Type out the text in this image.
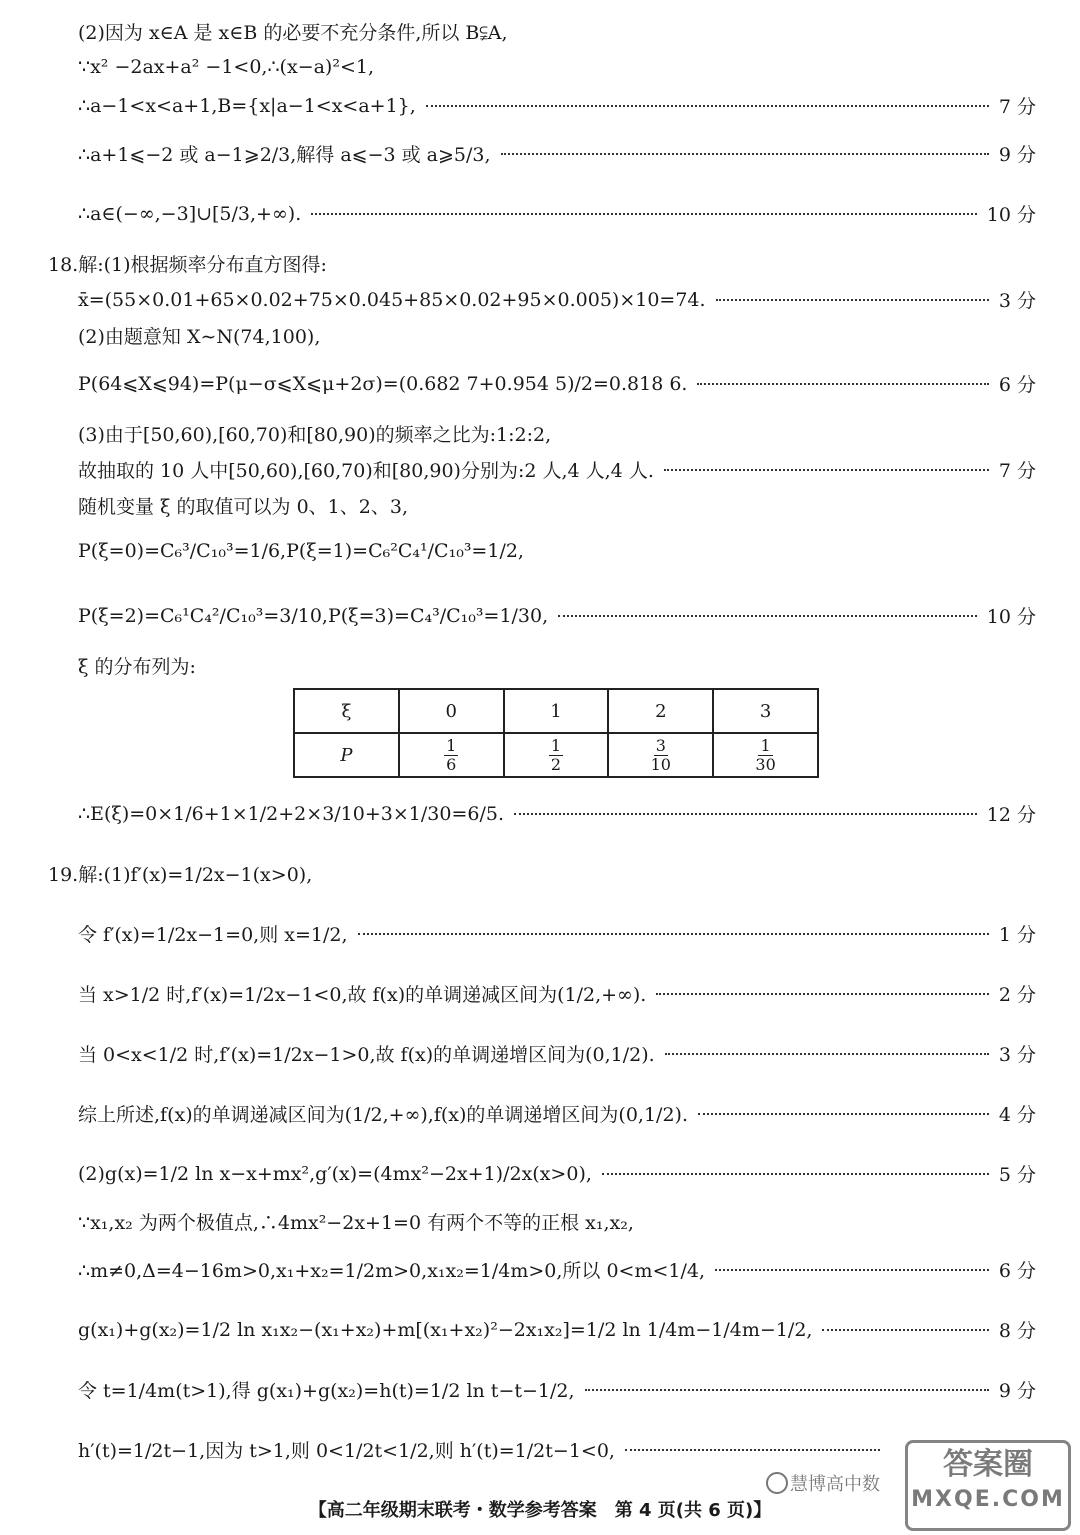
(2)因为 x∈A 是 x∈B 的必要不充分条件,所以 B⫋A,
∵x² −2ax+a² −1<0,∴(x−a)²<1,
∴a−1<x<a+1,B={x|a−1<x<a+1},	7 分
∴a+1⩽−2 或 a−1⩾2/3,解得 a⩽−3 或 a⩾5/3,	9 分
∴a∈(−∞,−3]∪[5/3,+∞).	10 分
18.解:(1)根据频率分布直方图得:
x̄=(55×0.01+65×0.02+75×0.045+85×0.02+95×0.005)×10=74.	3 分
(2)由题意知 X∼N(74,100),
P(64⩽X⩽94)=P(μ−σ⩽X⩽μ+2σ)=(0.682 7+0.954 5)/2=0.818 6.	6 分
(3)由于[50,60),[60,70)和[80,90)的频率之比为:1:2:2,
故抽取的 10 人中[50,60),[60,70)和[80,90)分别为:2 人,4 人,4 人.	7 分
随机变量 ξ 的取值可以为 0、1、2、3,
P(ξ=0)=C₆³/C₁₀³=1/6,P(ξ=1)=C₆²C₄¹/C₁₀³=1/2,
P(ξ=2)=C₆¹C₄²/C₁₀³=3/10,P(ξ=3)=C₄³/C₁₀³=1/30,	10 分
ξ 的分布列为:
ξ	0	1	2	3
P	$\frac{1}{6}$	$\frac{1}{2}$	$\frac{3}{10}$	$\frac{1}{30}$
∴E(ξ)=0×1/6+1×1/2+2×3/10+3×1/30=6/5.	12 分
19.解:(1)f′(x)=1/2x−1(x>0),
令 f′(x)=1/2x−1=0,则 x=1/2,	1 分
当 x>1/2 时,f′(x)=1/2x−1<0,故 f(x)的单调递减区间为(1/2,+∞).	2 分
当 0<x<1/2 时,f′(x)=1/2x−1>0,故 f(x)的单调递增区间为(0,1/2).	3 分
综上所述,f(x)的单调递减区间为(1/2,+∞),f(x)的单调递增区间为(0,1/2).	4 分
(2)g(x)=1/2 ln x−x+mx²,g′(x)=(4mx²−2x+1)/2x(x>0),	5 分
∵x₁,x₂ 为两个极值点,∴4mx²−2x+1=0 有两个不等的正根 x₁,x₂,
∴m≠0,Δ=4−16m>0,x₁+x₂=1/2m>0,x₁x₂=1/4m>0,所以 0<m<1/4,	6 分
g(x₁)+g(x₂)=1/2 ln x₁x₂−(x₁+x₂)+m[(x₁+x₂)²−2x₁x₂]=1/2 ln 1/4m−1/4m−1/2,	8 分
令 t=1/4m(t>1),得 g(x₁)+g(x₂)=h(t)=1/2 ln t−t−1/2,	9 分
h′(t)=1/2t−1,因为 t>1,则 0<1/2t<1/2,则 h′(t)=1/2t−1<0,
慧博高中数
答案圈
MXQE.COM
【高二年级期末联考・数学参考答案　第 4 页(共 6 页)】
